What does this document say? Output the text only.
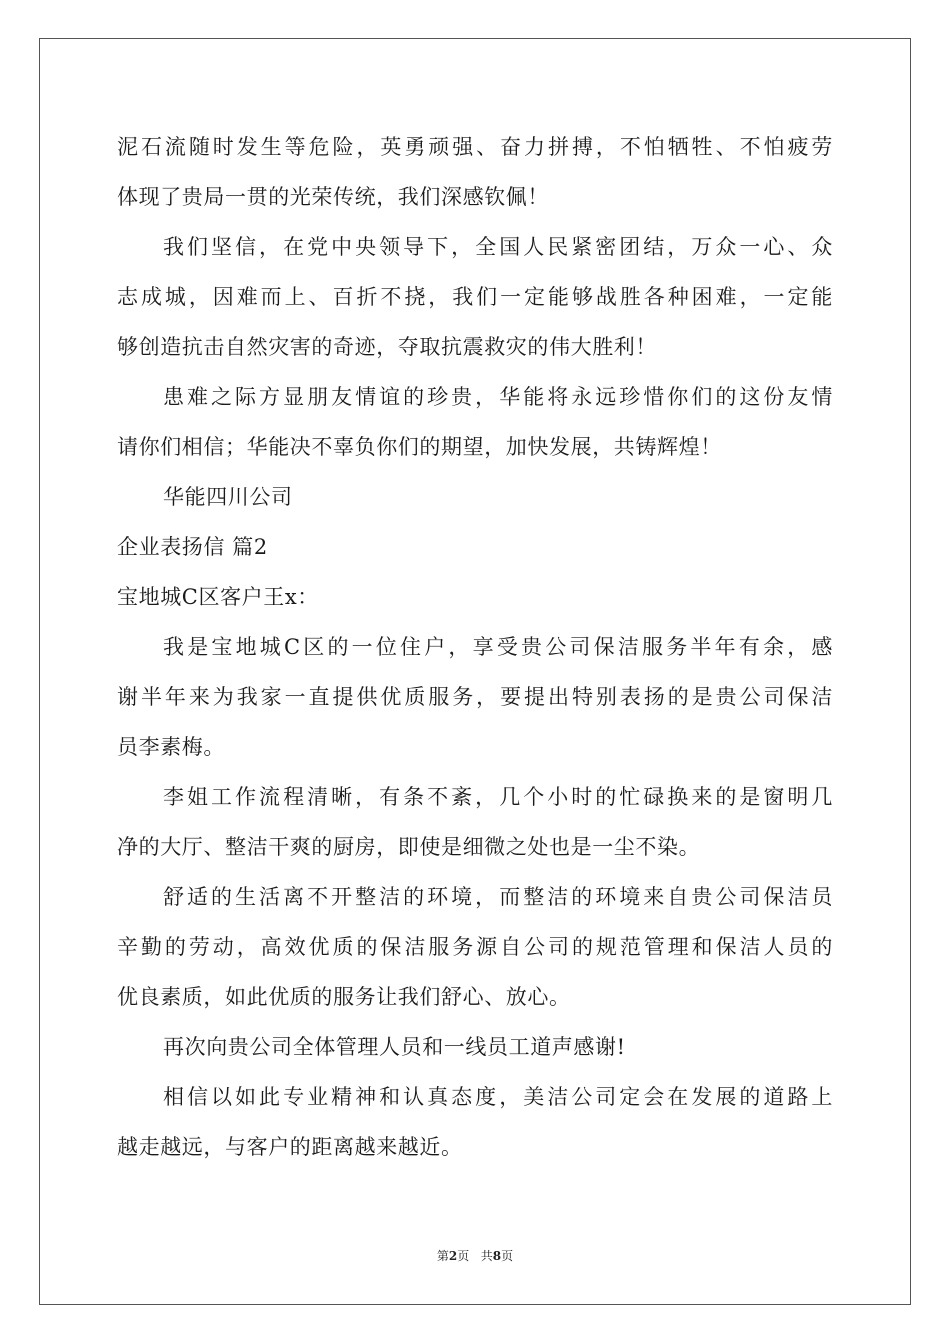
泥石流随时发生等危险，英勇顽强、奋力拼搏，不怕牺牲、不怕疲劳
体现了贵局一贯的光荣传统，我们深感钦佩！
我们坚信，在党中央领导下，全国人民紧密团结，万众一心、众
志成城，因难而上、百折不挠，我们一定能够战胜各种困难，一定能
够创造抗击自然灾害的奇迹，夺取抗震救灾的伟大胜利！
患难之际方显朋友情谊的珍贵，华能将永远珍惜你们的这份友情
请你们相信；华能决不辜负你们的期望，加快发展，共铸辉煌！
华能四川公司
企业表扬信 篇2
宝地城C区客户王x：
我是宝地城C区的一位住户，享受贵公司保洁服务半年有余，感
谢半年来为我家一直提供优质服务，要提出特别表扬的是贵公司保洁
员李素梅。
李姐工作流程清晰，有条不紊，几个小时的忙碌换来的是窗明几
净的大厅、整洁干爽的厨房，即使是细微之处也是一尘不染。
舒适的生活离不开整洁的环境，而整洁的环境来自贵公司保洁员
辛勤的劳动，高效优质的保洁服务源自公司的规范管理和保洁人员的
优良素质，如此优质的服务让我们舒心、放心。
再次向贵公司全体管理人员和一线员工道声感谢!
相信以如此专业精神和认真态度，美洁公司定会在发展的道路上
越走越远，与客户的距离越来越近。
第2页 共8页
